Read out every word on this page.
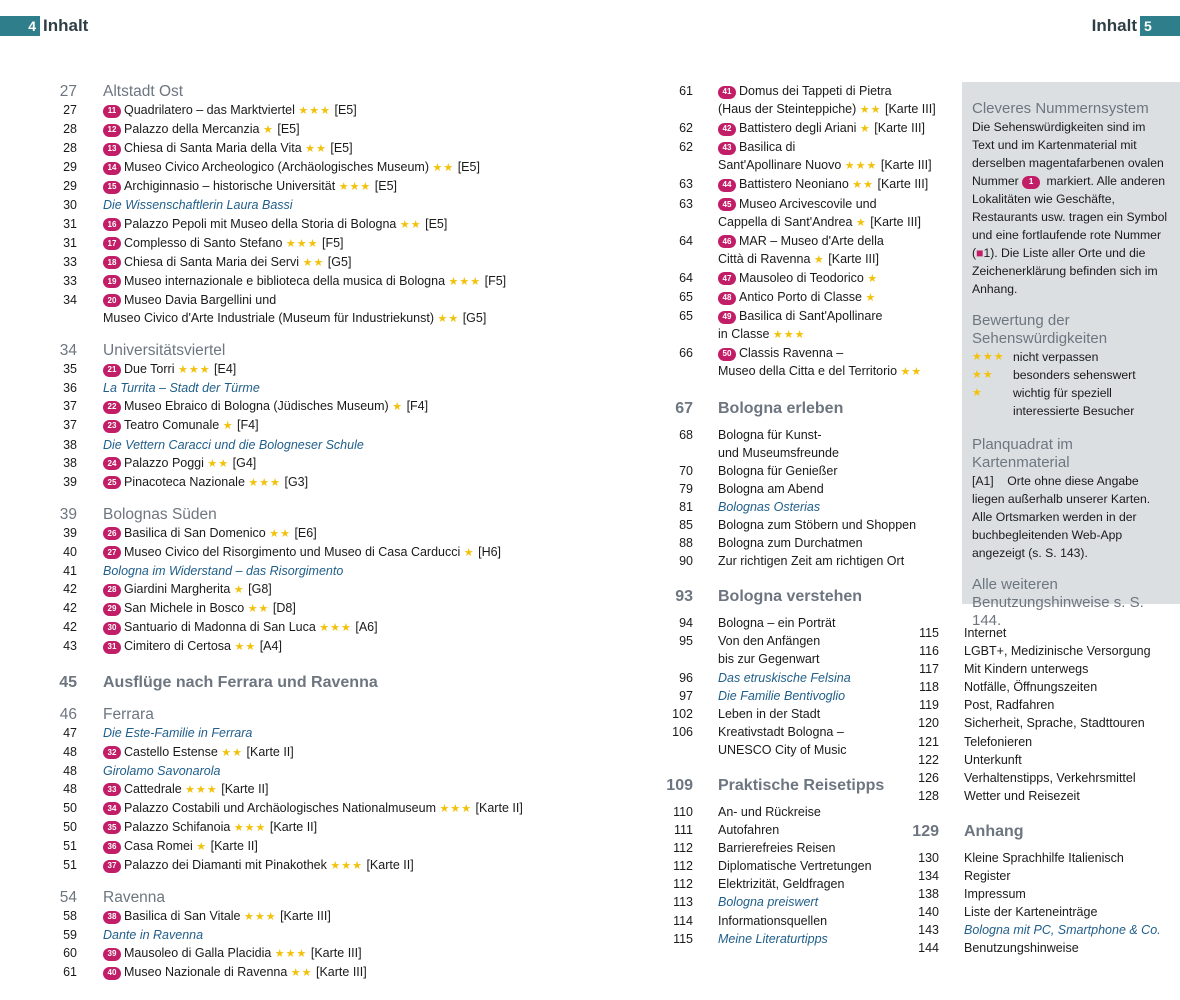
4 Inhalt	Inhalt 5
27	Altstadt Ost
27	11 Quadrilatero – das Marktviertel ★★★ [E5]
28	12 Palazzo della Mercanzia ★ [E5]
28	13 Chiesa di Santa Maria della Vita ★★ [E5]
29	14 Museo Civico Archeologico (Archäologisches Museum) ★★ [E5]
29	15 Archiginnasio – historische Universität ★★★ [E5]
30	Die Wissenschaftlerin Laura Bassi
31	16 Palazzo Pepoli mit Museo della Storia di Bologna ★★ [E5]
31	17 Complesso di Santo Stefano ★★★ [F5]
33	18 Chiesa di Santa Maria dei Servi ★★ [G5]
33	19 Museo internazionale e biblioteca della musica di Bologna ★★★ [F5]
34	20 Museo Davia Bargellini und
Museo Civico d'Arte Industriale (Museum für Industriekunst) ★★ [G5]
34	Universitätsviertel
35	21 Due Torri ★★★ [E4]
36	La Turrita – Stadt der Türme
37	22 Museo Ebraico di Bologna (Jüdisches Museum) ★ [F4]
37	23 Teatro Comunale ★ [F4]
38	Die Vettern Caracci und die Bologneser Schule
38	24 Palazzo Poggi ★★ [G4]
39	25 Pinacoteca Nazionale ★★★ [G3]
39	Bolognas Süden
39	26 Basilica di San Domenico ★★ [E6]
40	27 Museo Civico del Risorgimento und Museo di Casa Carducci ★ [H6]
41	Bologna im Widerstand – das Risorgimento
42	28 Giardini Margherita ★ [G8]
42	29 San Michele in Bosco ★★ [D8]
42	30 Santuario di Madonna di San Luca ★★★ [A6]
43	31 Cimitero di Certosa ★★ [A4]
45	Ausflüge nach Ferrara und Ravenna
46	Ferrara
47	Die Este-Familie in Ferrara
48	32 Castello Estense ★★ [Karte II]
48	Girolamo Savonarola
48	33 Cattedrale ★★★ [Karte II]
50	34 Palazzo Costabili und Archäologisches Nationalmuseum ★★★ [Karte II]
50	35 Palazzo Schifanoia ★★★ [Karte II]
51	36 Casa Romei ★ [Karte II]
51	37 Palazzo dei Diamanti mit Pinakothek ★★★ [Karte II]
54	Ravenna
58	38 Basilica di San Vitale ★★★ [Karte III]
59	Dante in Ravenna
60	39 Mausoleo di Galla Placidia ★★★ [Karte III]
61	40 Museo Nazionale di Ravenna ★★ [Karte III]
61	41 Domus dei Tappeti di Pietra
(Haus der Steinteppiche) ★★ [Karte III]
62	42 Battistero degli Ariani ★ [Karte III]
62	43 Basilica di
Sant'Apollinare Nuovo ★★★ [Karte III]
63	44 Battistero Neoniano ★★ [Karte III]
63	45 Museo Arcivescovile und
Cappella di Sant'Andrea ★ [Karte III]
64	46 MAR – Museo d'Arte della
Città di Ravenna ★ [Karte III]
64	47 Mausoleo di Teodorico ★
65	48 Antico Porto di Classe ★
65	49 Basilica di Sant'Apollinare
in Classe ★★★
66	50 Classis Ravenna –
Museo della Citta e del Territorio ★★
67	Bologna erleben
68	Bologna für Kunst-
und Museumsfreunde
70	Bologna für Genießer
79	Bologna am Abend
81	Bolognas Osterias
85	Bologna zum Stöbern und Shoppen
88	Bologna zum Durchatmen
90	Zur richtigen Zeit am richtigen Ort
93	Bologna verstehen
94	Bologna – ein Porträt
95	Von den Anfängen
bis zur Gegenwart
96	Das etruskische Felsina
97	Die Familie Bentivoglio
102	Leben in der Stadt
106	Kreativstadt Bologna –
UNESCO City of Music
109	Praktische Reisetipps
110	An- und Rückreise
111	Autofahren
112	Barrierefreies Reisen
112	Diplomatische Vertretungen
112	Elektrizität, Geldfragen
113	Bologna preiswert
114	Informationsquellen
115	Meine Literaturtipps
115	Internet
116	LGBT+, Medizinische Versorgung
117	Mit Kindern unterwegs
118	Notfälle, Öffnungszeiten
119	Post, Radfahren
120	Sicherheit, Sprache, Stadttouren
121	Telefonieren
122	Unterkunft
126	Verhaltenstipps, Verkehrsmittel
128	Wetter und Reisezeit
129	Anhang
130	Kleine Sprachhilfe Italienisch
134	Register
138	Impressum
140	Liste der Karteneinträge
143	Bologna mit PC, Smartphone & Co.
144	Benutzungshinweise
Cleveres Nummernsystem

Die Sehenswürdigkeiten sind im Text und im Kartenmaterial mit derselben magentafarbenen ovalen Nummer 1 markiert. Alle anderen Lokalitäten wie Geschäfte, Restaurants usw. tragen ein Symbol und eine fortlaufende rote Nummer (■1). Die Liste aller Orte und die Zeichenerklärung befinden sich im Anhang.

Bewertung der Sehenswürdigkeiten
★★★ nicht verpassen
★★	besonders sehenswert
★	wichtig für speziell interessierte Besucher
Planquadrat im Kartenmaterial

[A1] Orte ohne diese Angabe liegen außerhalb unserer Karten. Alle Ortsmarken werden in der buchbegleitenden Web-App angezeigt (s. S. 143).

Alle weiteren Benutzungshinweise s. S. 144.
